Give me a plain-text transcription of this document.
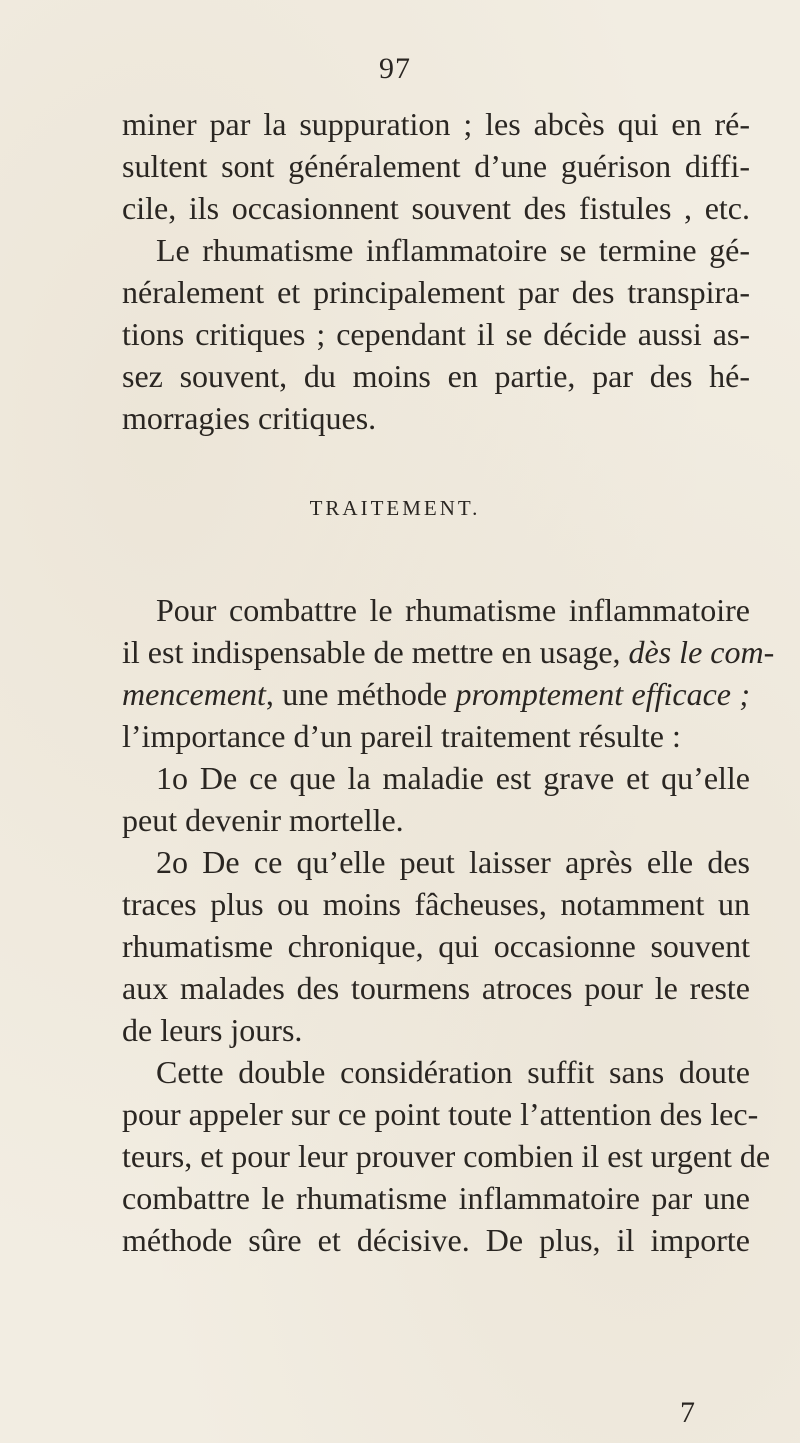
97
miner par la suppuration ; les abcès qui en ré-
sultent sont généralement d’une guérison diffi-
cile, ils occasionnent souvent des fistules , etc.
Le rhumatisme inflammatoire se termine gé-
néralement et principalement par des transpira-
tions critiques ; cependant il se décide aussi as-
sez souvent, du moins en partie, par des hé-
morragies critiques.
TRAITEMENT.
Pour combattre le rhumatisme inflammatoire
il est indispensable de mettre en usage, dès le com-
mencement, une méthode promptement efficace ;
l’importance d’un pareil traitement résulte :
1o De ce que la maladie est grave et qu’elle
peut devenir mortelle.
2o De ce qu’elle peut laisser après elle des
traces plus ou moins fâcheuses, notamment un
rhumatisme chronique, qui occasionne souvent
aux malades des tourmens atroces pour le reste
de leurs jours.
Cette double considération suffit sans doute
pour appeler sur ce point toute l’attention des lec-
teurs, et pour leur prouver combien il est urgent de
combattre le rhumatisme inflammatoire par une
méthode sûre et décisive. De plus, il importe
7
